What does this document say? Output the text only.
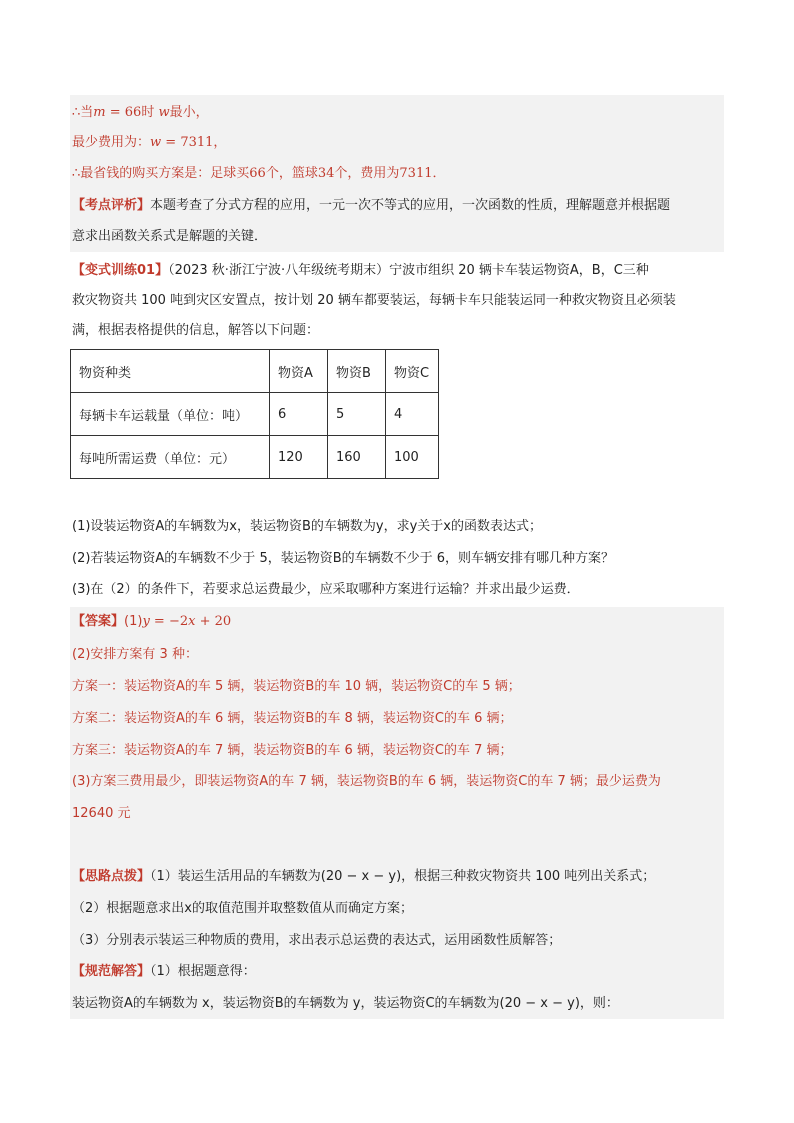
∴当m = 66时 w最小，
最少费用为：w = 7311，
∴最省钱的购买方案是：足球买66个，篮球34个，费用为7311．
【考点评析】本题考查了分式方程的应用，一元一次不等式的应用，一次函数的性质，理解题意并根据题
意求出函数关系式是解题的关键．
【变式训练01】（2023 秋·浙江宁波·八年级统考期末）宁波市组织 20 辆卡车装运物资A，B，C三种
救灾物资共 100 吨到灾区安置点，按计划 20 辆车都要装运，每辆卡车只能装运同一种救灾物资且必须装
满，根据表格提供的信息，解答以下问题：
物资种类	物资A	物资B	物资C
每辆卡车运载量（单位：吨）	6	5	4
每吨所需运费（单位：元）	120	160	100
(1)设装运物资A的车辆数为x，装运物资B的车辆数为y，求y关于x的函数表达式；
(2)若装运物资A的车辆数不少于 5，装运物资B的车辆数不少于 6，则车辆安排有哪几种方案？
(3)在（2）的条件下，若要求总运费最少，应采取哪种方案进行运输？并求出最少运费．
【答案】(1)y = −2x + 20
(2)安排方案有 3 种：
方案一：装运物资A的车 5 辆，装运物资B的车 10 辆，装运物资C的车 5 辆；
方案二：装运物资A的车 6 辆，装运物资B的车 8 辆，装运物资C的车 6 辆；
方案三：装运物资A的车 7 辆，装运物资B的车 6 辆，装运物资C的车 7 辆；
(3)方案三费用最少，即装运物资A的车 7 辆，装运物资B的车 6 辆，装运物资C的车 7 辆；最少运费为
12640 元
【思路点拨】（1）装运生活用品的车辆数为(20 − x − y)，根据三种救灾物资共 100 吨列出关系式；
（2）根据题意求出x的取值范围并取整数值从而确定方案；
（3）分别表示装运三种物质的费用，求出表示总运费的表达式，运用函数性质解答；
【规范解答】（1）根据题意得：
装运物资A的车辆数为 x，装运物资B的车辆数为 y，装运物资C的车辆数为(20 − x − y)，则：
